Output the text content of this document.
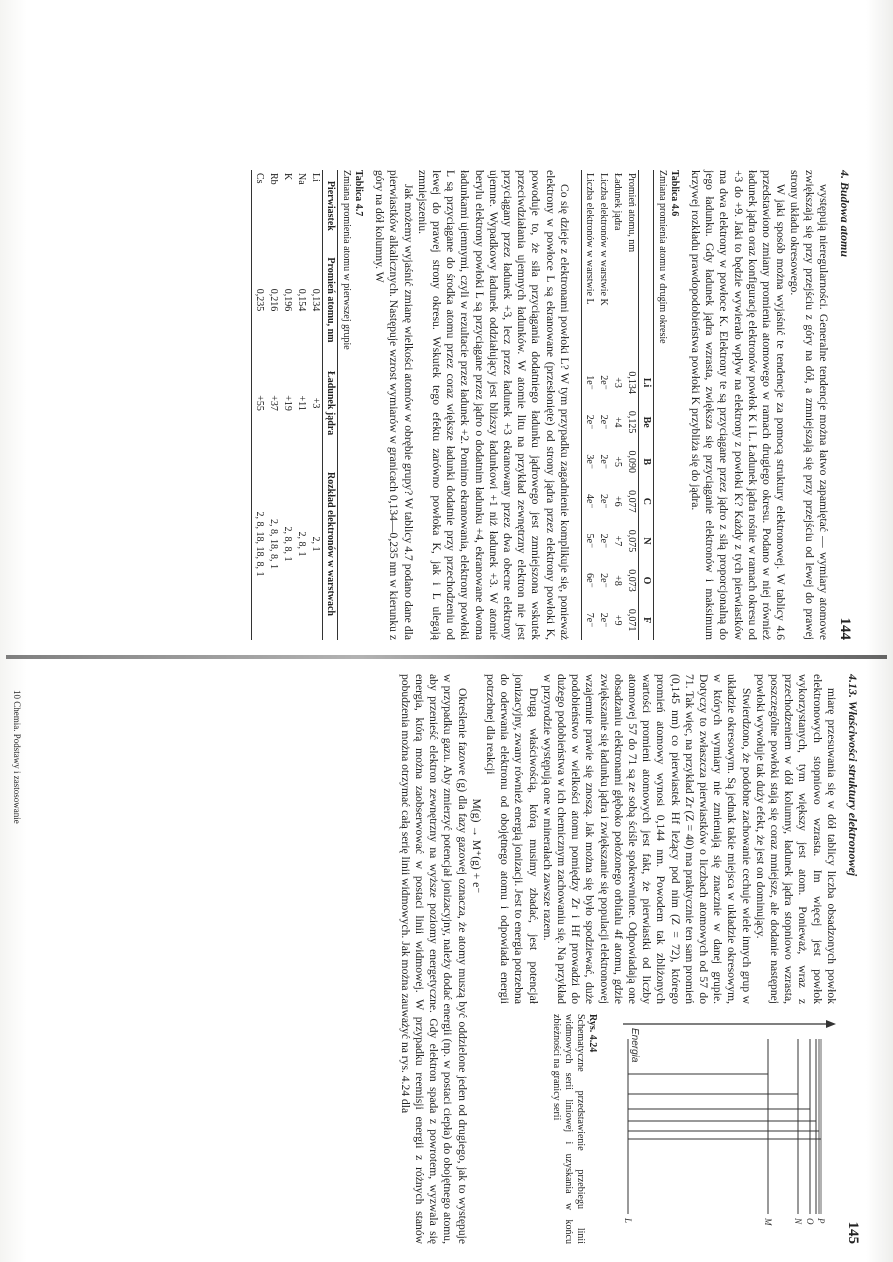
4. Budowa atomu
144

występują nieregularności. Generalne tendencje można łatwo zapamiętać — wymiary atomowe zwiększają się przy przejściu z góry na dół, a zmniejszają się przy przejściu od lewej do prawej strony układu okresowego.

W jaki sposób można wyjaśnić te tendencje za pomocą struktury elektronowej. W tablicy 4.6 przedstawiono zmiany promienia atomowego w ramach drugiego okresu. Podano w niej również ładunek jądra oraz konfigurację elektronów powłok K i L. Ładunek jądra rośnie w ramach okresu od +3 do +9. Jaki to będzie wywierało wpływ na elektrony z powłoki K? Każdy z tych pierwiastków ma dwa elektrony w powłoce K. Elektrony te są przyciągane przez jądro z siłą proporcjonalną do jego ładunku. Gdy ładunek jądra wzrasta, zwiększa się przyciąganie elektronów i maksimum krzywej rozkładu prawdopodobieństwa powłoki K przybliża się do jądra.

Tablica 4.6
Zmiana promienia atomu w drugim okresie
	Li	Be	B	C	N	O	F
Promień atomu, nm	0,134	0,125	0,090	0,077	0,075	0,073	0,071
Ładunek jądra	+3	+4	+5	+6	+7	+8	+9
Liczba elektronów w warstwie K	2e⁻	2e⁻	2e⁻	2e⁻	2e⁻	2e⁻	2e⁻
Liczba elektronów w warstwie L	1e⁻	2e⁻	3e⁻	4e⁻	5e⁻	6e⁻	7e⁻

Co się dzieje z elektronami powłoki L? W tym przypadku zagadnienie komplikuje się, ponieważ elektrony w powłoce L są ekranowane (przesłonięte) od strony jądra przez elektrony powłoki K, powoduje to, że siła przyciągania dodatniego ładunku jądrowego jest zmniejszona wskutek przeciwdziałania ujemnych ładunków. W atomie litu na przykład zewnętrzny elektron nie jest przyciągany przez ładunek +3, lecz przez ładunek +3 ekranowany przez dwa obecne elektrony ujemne. Wypadkowy ładunek oddziałujący jest bliższy ładunkowi +1 niż ładunek +3. W atomie berylu elektrony powłoki L są przyciągane przez jądro o dodatnim ładunku +4, ekranowane dwoma ładunkami ujemnymi, czyli w rezultacie przez ładunek +2. Pomimo ekranowania, elektrony powłoki L są przyciągane do środka atomu przez coraz większe ładunki dodatnie przy przechodzeniu od lewej do prawej strony okresu. Wskutek tego efektu zarówno powłoka K, jak i L ulegają zmniejszeniu.

Jak możemy wyjaśnić zmianę wielkości atomów w obrębie grupy? W tablicy 4.7 podano dane dla pierwiastków alkalicznych. Następuje wzrost wymiarów w granicach 0,134—0,235 nm w kierunku z góry na dół kolumny. W

Tablica 4.7
Zmiana promienia atomu w pierwszej grupie
Pierwiastek	Promień atomu, nm	Ładunek jądra	Rozkład elektronów w warstwach
Li	0,134	+3	2, 1
Na	0,154	+11	2, 8, 1
K	0,196	+19	2, 8, 8, 1
Rb	0,216	+37	2, 8, 18, 8, 1
Cs	0,235	+55	2, 8, 18, 18, 8, 1
4.13. Właściwości struktury elektronowej
145

miarę przesuwania się w dół tablicy liczba obsadzonych powłok elektronowych stopniowo wzrasta. Im więcej jest powłok wykorzystanych, tym większy jest atom. Ponieważ, wraz z przechodzeniem w dół kolumny, ładunek jądra stopniowo wzrasta, poszczególne powłoki stają się coraz mniejsze, ale dodanie następnej powłoki wywołuje tak duży efekt, że jest on dominujący.

Stwierdzono, że podobne zachowanie cechuje wiele innych grup w układzie okresowym. Są jednak takie miejsca w układzie okresowym, w których wymiary nie zmieniają się znacznie w danej grupie. Dotyczy to zwłaszcza pierwiastków o liczbach atomowych od 57 do 71. Tak więc, na przykład Zr (Z = 40) ma praktycznie ten sam promień (0,145 nm) co pierwiastek Hf leżący pod nim (Z = 72), którego promień atomowy wynosi 0,144 nm. Powodem tak zbliżonych wartości promieni atomowych jest fakt, że pierwiastki od liczby atomowej 57 do 71 są ze sobą ściśle spokrewnione. Odpowiadają one obsadzaniu elektronami głęboko położonego orbitalu 4f atomu, gdzie zwiększanie się ładunku jądra i zwiększanie się populacji elektronowej wzajemnie prawie się znoszą. Jak można się było spodziewać, duże podobieństwo w wielkości atomu pomiędzy Zr i Hf prowadzi do dużego podobieństwa w ich chemicznym zachowaniu się. Na przykład w przyrodzie występują one w minerałach zawsze razem.

Drugą właściwością, którą musimy zbadać, jest potencjał jonizacyjny, zwany również energią jonizacji. Jest to energia potrzebna do oderwania elektronu od obojętnego atomu i odpowiada energii potrzebnej dla reakcji

M(g) → M⁺(g) + e⁻

Energia
L	M N O P
Rys. 4.24
Schematyczne przedstawienie przebiegu linii widmowych serii liniowej i uzyskania w końcu zbieżności na granicy serii

Określenie fazowe (g) dla fazy gazowej oznacza, że atomy muszą być oddzielone jeden od drugiego, jak to występuje w przypadku gazu. Aby zmierzyć potencjał jonizacyjny, należy dodać energii (np. w postaci ciepła) do obojętnego atomu, aby przenieść elektron zewnętrzny na wyższe poziomy energetyczne. Gdy elektron spada z powrotem, wyzwala się energia, którą można zaobserwować w postaci linii widmowej. W przypadku reemisji energii z różnych stanów pobudzenia można otrzymać całą serię linii widmowych. Jak można zauważyć na rys. 4.24 dla

10 Chemia. Podstawy i zastosowanie
